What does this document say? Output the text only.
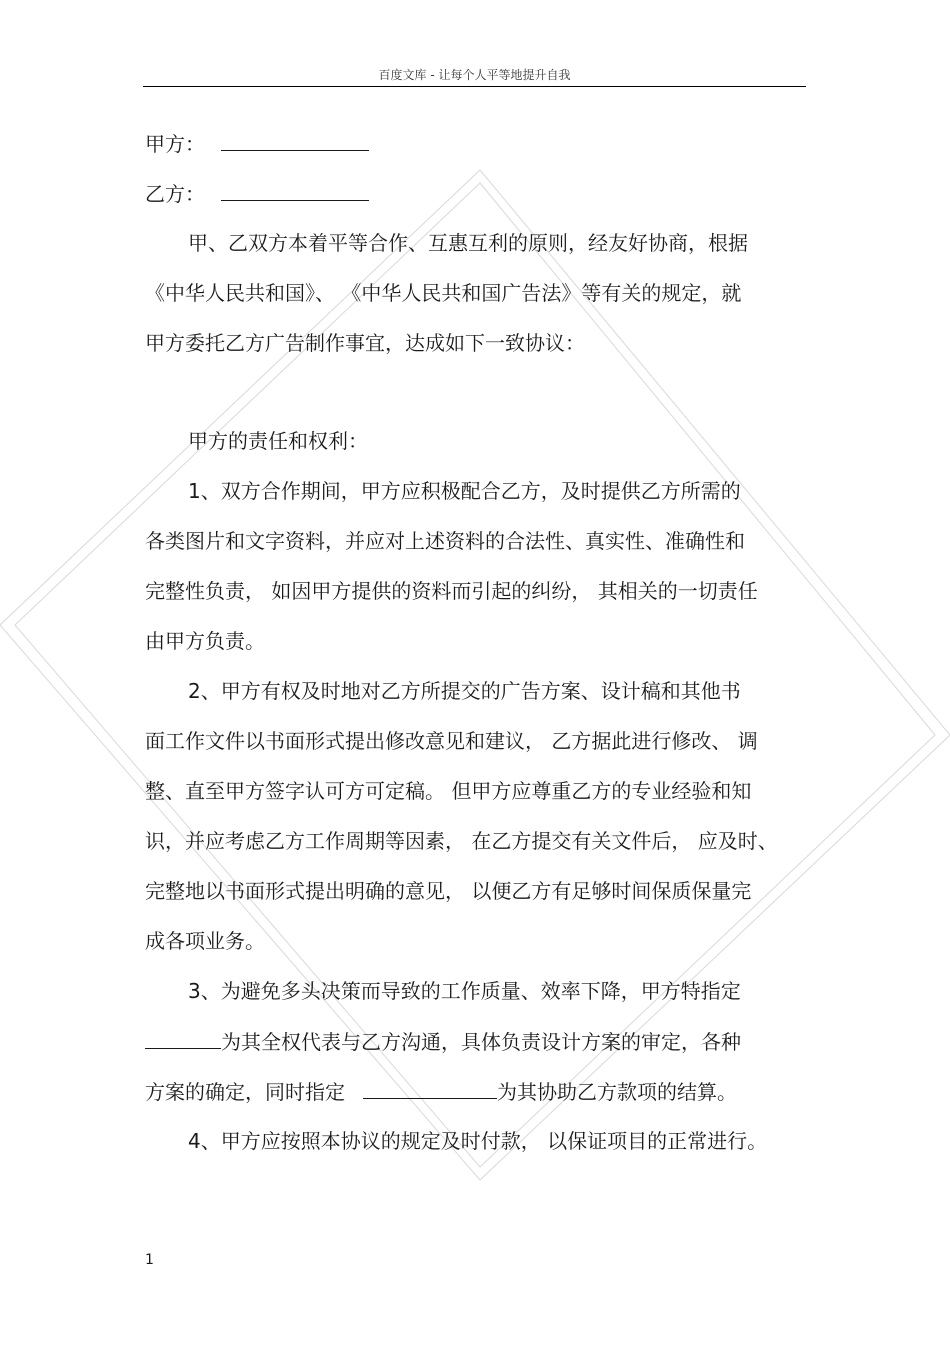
百度文库 - 让每个人平等地提升自我
甲方：
乙方：
甲、乙双方本着平等合作、互惠互利的原则，经友好协商，根据
《中华人民共和国》、 《中华人民共和国广告法》等有关的规定，就
甲方委托乙方广告制作事宜，达成如下一致协议：
甲方的责任和权利：
1、双方合作期间，甲方应积极配合乙方，及时提供乙方所需的
各类图片和文字资料，并应对上述资料的合法性、真实性、准确性和
完整性负责， 如因甲方提供的资料而引起的纠纷， 其相关的一切责任
由甲方负责。
2、甲方有权及时地对乙方所提交的广告方案、设计稿和其他书
面工作文件以书面形式提出修改意见和建议， 乙方据此进行修改、 调
整、直至甲方签字认可方可定稿。 但甲方应尊重乙方的专业经验和知
识，并应考虑乙方工作周期等因素， 在乙方提交有关文件后， 应及时、
完整地以书面形式提出明确的意见， 以便乙方有足够时间保质保量完
成各项业务。
3、为避免多头决策而导致的工作质量、效率下降，甲方特指定
为其全权代表与乙方沟通，具体负责设计方案的审定，各种
方案的确定，同时指定	为其协助乙方款项的结算。
4、甲方应按照本协议的规定及时付款， 以保证项目的正常进行。
1
